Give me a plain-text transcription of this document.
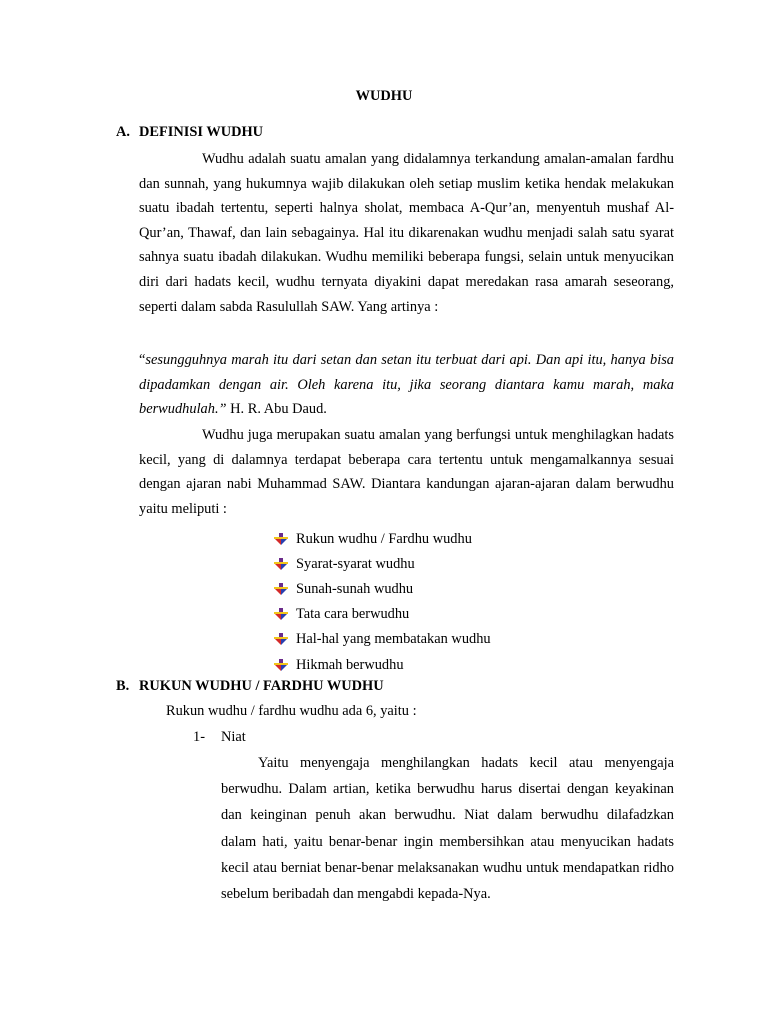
WUDHU
A. DEFINISI WUDHU

Wudhu adalah suatu amalan yang didalamnya terkandung amalan-amalan fardhu dan sunnah, yang hukumnya wajib dilakukan oleh setiap muslim ketika hendak melakukan suatu ibadah tertentu, seperti halnya sholat, membaca A-Qur’an, menyentuh mushaf Al-Qur’an, Thawaf, dan lain sebagainya. Hal itu dikarenakan wudhu menjadi salah satu syarat sahnya suatu ibadah dilakukan. Wudhu memiliki beberapa fungsi, selain untuk menyucikan diri dari hadats kecil, wudhu ternyata diyakini dapat meredakan rasa amarah seseorang, seperti dalam sabda Rasulullah SAW. Yang artinya :

“sesungguhnya marah itu dari setan dan setan itu terbuat dari api. Dan api itu, hanya bisa dipadamkan dengan air. Oleh karena itu, jika seorang diantara kamu marah, maka berwudhulah.” H. R. Abu Daud.

Wudhu juga merupakan suatu amalan yang berfungsi untuk menghilagkan hadats kecil, yang di dalamnya terdapat beberapa cara tertentu untuk mengamalkannya sesuai dengan ajaran nabi Muhammad SAW. Diantara kandungan ajaran-ajaran dalam berwudhu yaitu meliputi :

Rukun wudhu / Fardhu wudhu
Syarat-syarat wudhu
Sunah-sunah wudhu
Tata cara berwudhu
Hal-hal yang membatakan wudhu
Hikmah berwudhu
B. RUKUN WUDHU / FARDHU WUDHU
Rukun wudhu / fardhu wudhu ada 6, yaitu :
1- Niat

Yaitu menyengaja menghilangkan hadats kecil atau menyengaja berwudhu. Dalam artian, ketika berwudhu harus disertai dengan keyakinan dan keinginan penuh akan berwudhu. Niat dalam berwudhu dilafadzkan dalam hati, yaitu benar-benar ingin membersihkan atau menyucikan hadats kecil atau berniat benar-benar melaksanakan wudhu untuk mendapatkan ridho sebelum beribadah dan mengabdi kepada-Nya.
